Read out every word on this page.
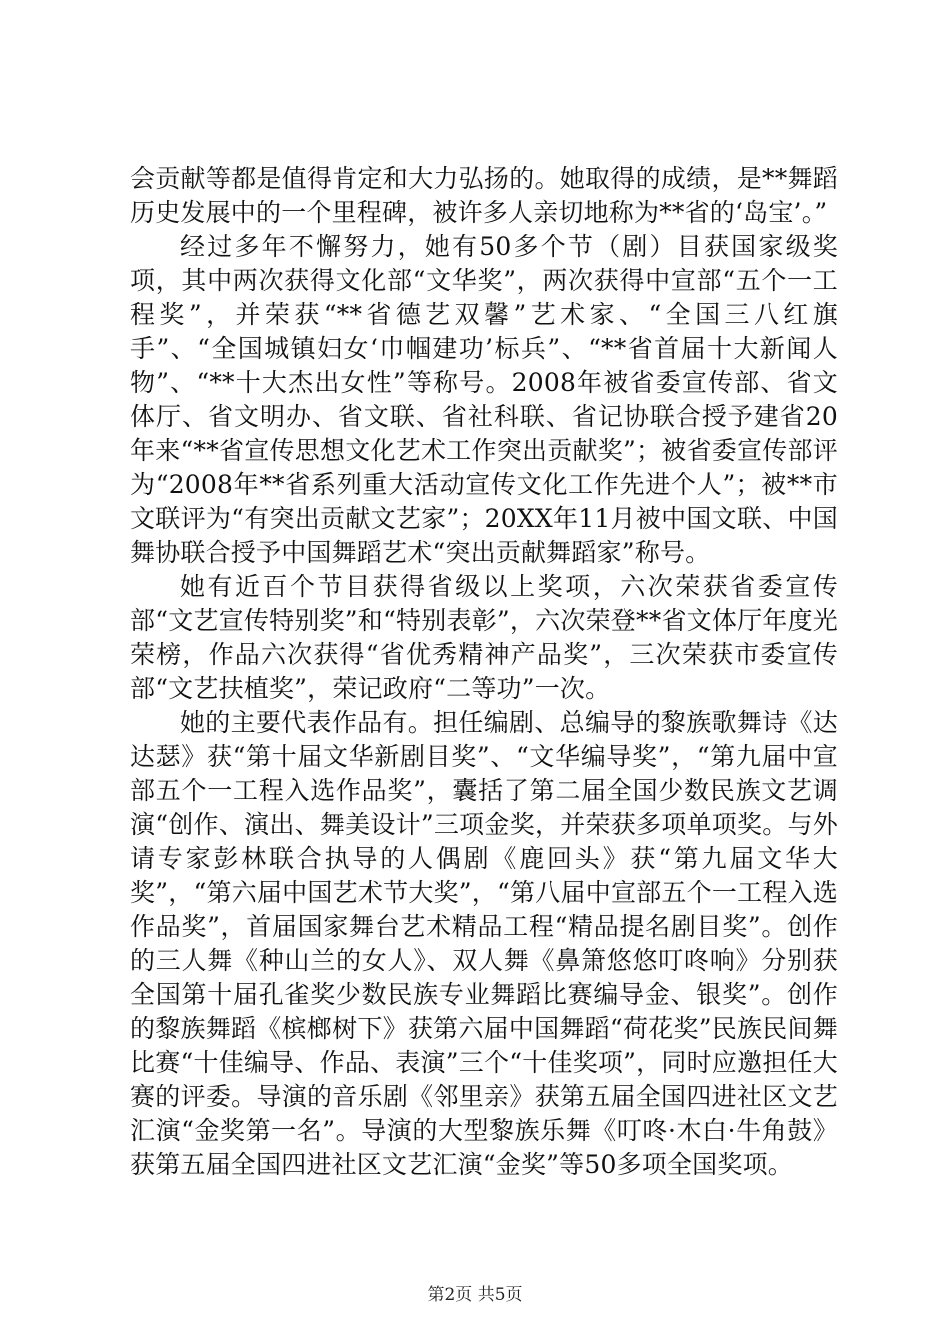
会贡献等都是值得肯定和大力弘扬的。她取得的成绩，是**舞蹈历史发展中的一个里程碑，被许多人亲切地称为**省的‘岛宝’。”

经过多年不懈努力，她有50多个节（剧）目获国家级奖项，其中两次获得文化部“文华奖”，两次获得中宣部“五个一工程奖”，并荣获“**省德艺双馨”艺术家、“全国三八红旗手”、“全国城镇妇女‘巾帼建功’标兵”、“**省首届十大新闻人物”、“**十大杰出女性”等称号。2008年被省委宣传部、省文体厅、省文明办、省文联、省社科联、省记协联合授予建省20年来“**省宣传思想文化艺术工作突出贡献奖”；被省委宣传部评为“2008年**省系列重大活动宣传文化工作先进个人”；被**市文联评为“有突出贡献文艺家”；20XX年11月被中国文联、中国舞协联合授予中国舞蹈艺术“突出贡献舞蹈家”称号。

她有近百个节目获得省级以上奖项，六次荣获省委宣传部“文艺宣传特别奖”和“特别表彰”，六次荣登**省文体厅年度光荣榜，作品六次获得“省优秀精神产品奖”，三次荣获市委宣传部“文艺扶植奖”，荣记政府“二等功”一次。

她的主要代表作品有。担任编剧、总编导的黎族歌舞诗《达达瑟》获“第十届文华新剧目奖”、“文华编导奖”，“第九届中宣部五个一工程入选作品奖”，囊括了第二届全国少数民族文艺调演“创作、演出、舞美设计”三项金奖，并荣获多项单项奖。与外请专家彭林联合执导的人偶剧《鹿回头》获“第九届文华大奖”，“第六届中国艺术节大奖”，“第八届中宣部五个一工程入选作品奖”，首届国家舞台艺术精品工程“精品提名剧目奖”。创作的三人舞《种山兰的女人》、双人舞《鼻箫悠悠叮咚响》分别获全国第十届孔雀奖少数民族专业舞蹈比赛编导金、银奖”。创作的黎族舞蹈《槟榔树下》获第六届中国舞蹈“荷花奖”民族民间舞比赛“十佳编导、作品、表演”三个“十佳奖项”，同时应邀担任大赛的评委。导演的音乐剧《邻里亲》获第五届全国四进社区文艺汇演“金奖第一名”。导演的大型黎族乐舞《叮咚·木白·牛角鼓》获第五届全国四进社区文艺汇演“金奖”等50多项全国奖项。

第2页 共5页
